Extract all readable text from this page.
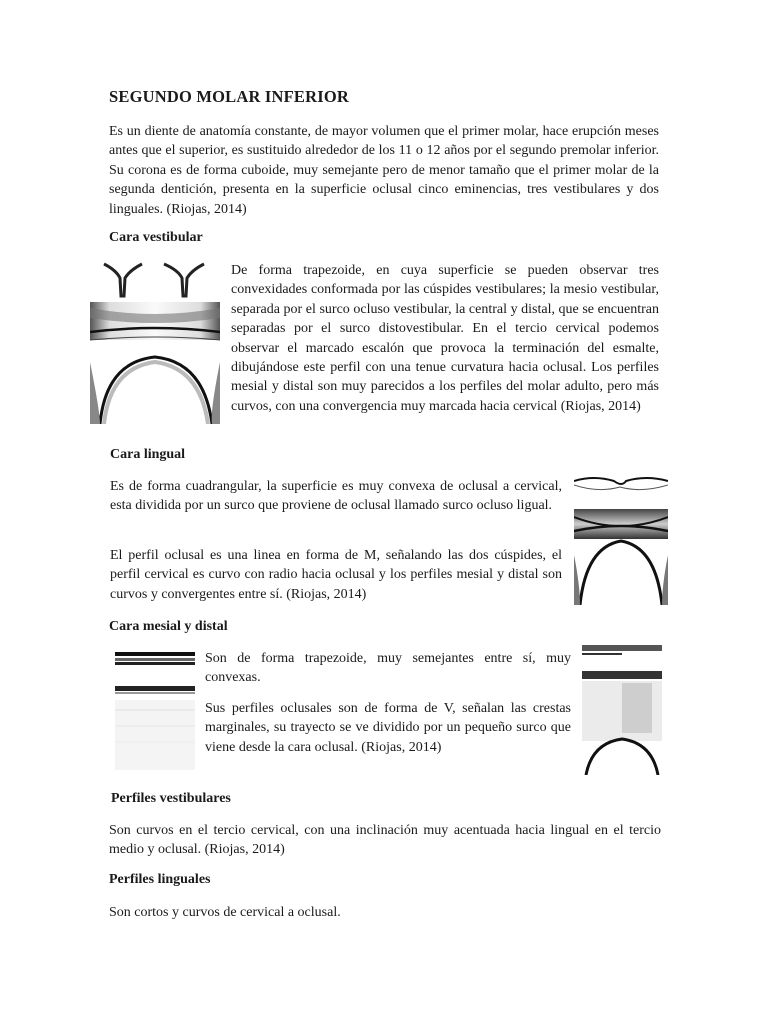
SEGUNDO MOLAR INFERIOR

Es un diente de anatomía constante, de mayor volumen que el primer molar, hace erupción meses antes que el superior, es sustituido alrededor de los 11 o 12 años por el segundo premolar inferior. Su corona es de forma cuboide, muy semejante pero de menor tamaño que el primer molar de la segunda dentición, presenta en la superficie oclusal cinco eminencias, tres vestibulares y dos linguales. (Riojas, 2014)

Cara vestibular

De forma trapezoide, en cuya superficie se pueden observar tres convexidades conformada por las cúspides vestibulares; la mesio vestibular, separada por el surco ocluso vestibular, la central y distal, que se encuentran separadas por el surco distovestibular. En el tercio cervical podemos observar el marcado escalón que provoca la terminación del esmalte, dibujándose este perfil con una tenue curvatura hacia oclusal. Los perfiles mesial y distal son muy parecidos a los perfiles del molar adulto, pero más curvos, con una convergencia muy marcada hacia cervical (Riojas, 2014)

Cara lingual

Es de forma cuadrangular, la superficie es muy convexa de oclusal a cervical, esta dividida por un surco que proviene de oclusal llamado surco ocluso ligual.

El perfil oclusal es una linea en forma de M, señalando las dos cúspides, el perfil cervical es curvo con radio hacia oclusal y los perfiles mesial y distal son curvos y convergentes entre sí. (Riojas, 2014)

Cara mesial y distal

Son de forma trapezoide, muy semejantes entre sí, muy convexas.

Sus perfiles oclusales son de forma de V, señalan las crestas marginales, su trayecto se ve dividido por un pequeño surco que viene desde la cara oclusal. (Riojas, 2014)

Perfiles vestibulares

Son curvos en el tercio cervical, con una inclinación muy acentuada hacia lingual en el tercio medio y oclusal. (Riojas, 2014)

Perfiles linguales

Son cortos y curvos de cervical a oclusal.
